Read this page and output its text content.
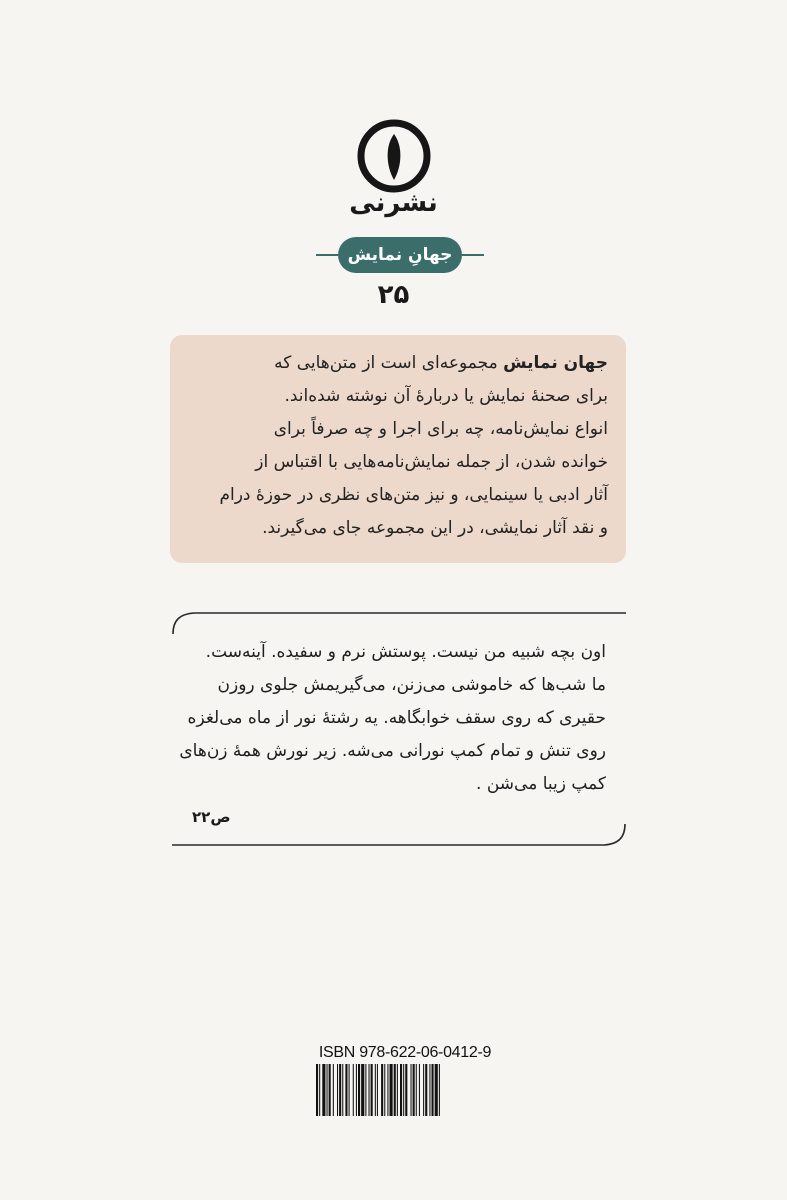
نشرنی
جهانِ نمایش
۲۵
جهان نمایش مجموعه‌ای است از متن‌هایی که
برای صحنهٔ نمایش یا دربارهٔ آن نوشته شده‌اند.
انواع نمایش‌نامه، چه برای اجرا و چه صرفاً برای
خوانده شدن، از جمله نمایش‌نامه‌هایی با اقتباس از
آثار ادبی یا سینمایی، و نیز متن‌های نظری در حوزهٔ درام
و نقد آثار نمایشی، در این مجموعه جای می‌گیرند.
اون بچه شبیه من نیست. پوستش نرم و سفیده. آینه‌ست.
ما شب‌ها که خاموشی می‌زنن، می‌گیریمش جلوی روزن
حقیری که روی سقف خوابگاهه. یه رشتهٔ نور از ماه می‌لغزه
روی تنش و تمام کمپ نورانی می‌شه. زیر نورش همهٔ زن‌های
کمپ زیبا می‌شن .
ص۲۲
ISBN 978-622-06-0412-9
